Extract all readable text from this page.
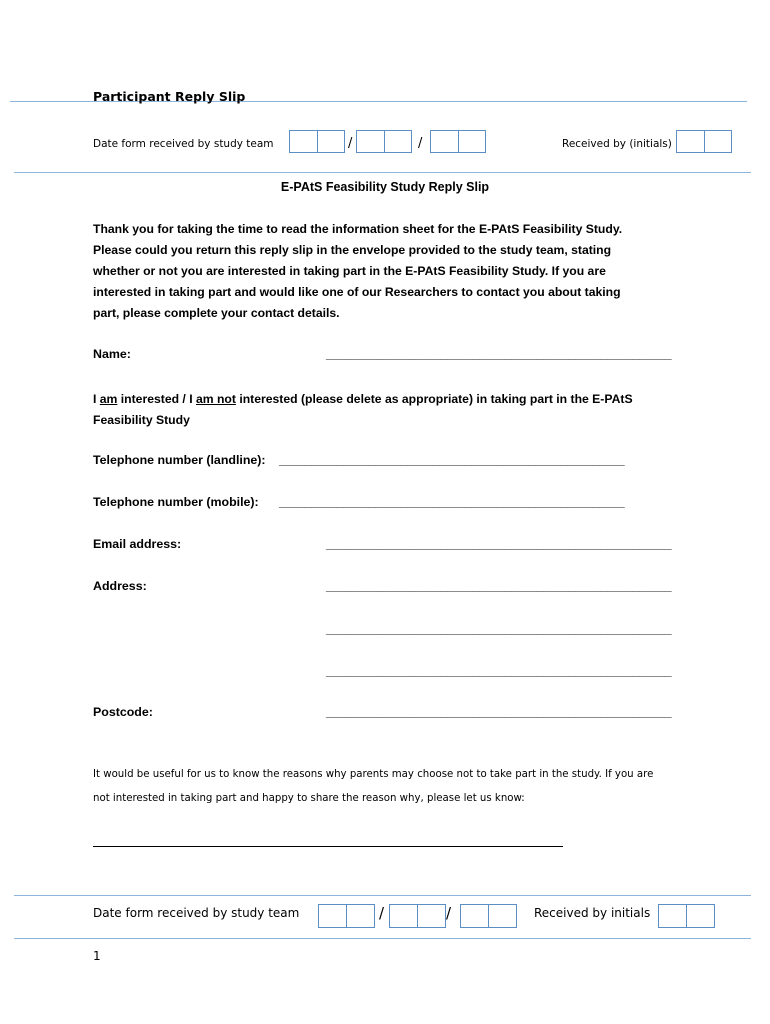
Participant Reply Slip
Date form received by study team	/	/	Received by (initials)
E-PAtS Feasibility Study Reply Slip
Thank you for taking the time to read the information sheet for the E-PAtS Feasibility Study.
Please could you return this reply slip in the envelope provided to the study team, stating
whether or not you are interested in taking part in the E-PAtS Feasibility Study. If you are
interested in taking part and would like one of our Researchers to contact you about taking
part, please complete your contact details.
Name:	______________________________________________________
I am interested / I am not interested (please delete as appropriate) in taking part in the E-PAtS
Feasibility Study
Telephone number (landline): ______________________________________________________
Telephone number (mobile): ______________________________________________________
Email address:	______________________________________________________
Address:	______________________________________________________
______________________________________________________
______________________________________________________
Postcode:	______________________________________________________
It would be useful for us to know the reasons why parents may choose not to take part in the study. If you are
not interested in taking part and happy to share the reason why, please let us know:
Date form received by study team	/	/	Received by initials
1
